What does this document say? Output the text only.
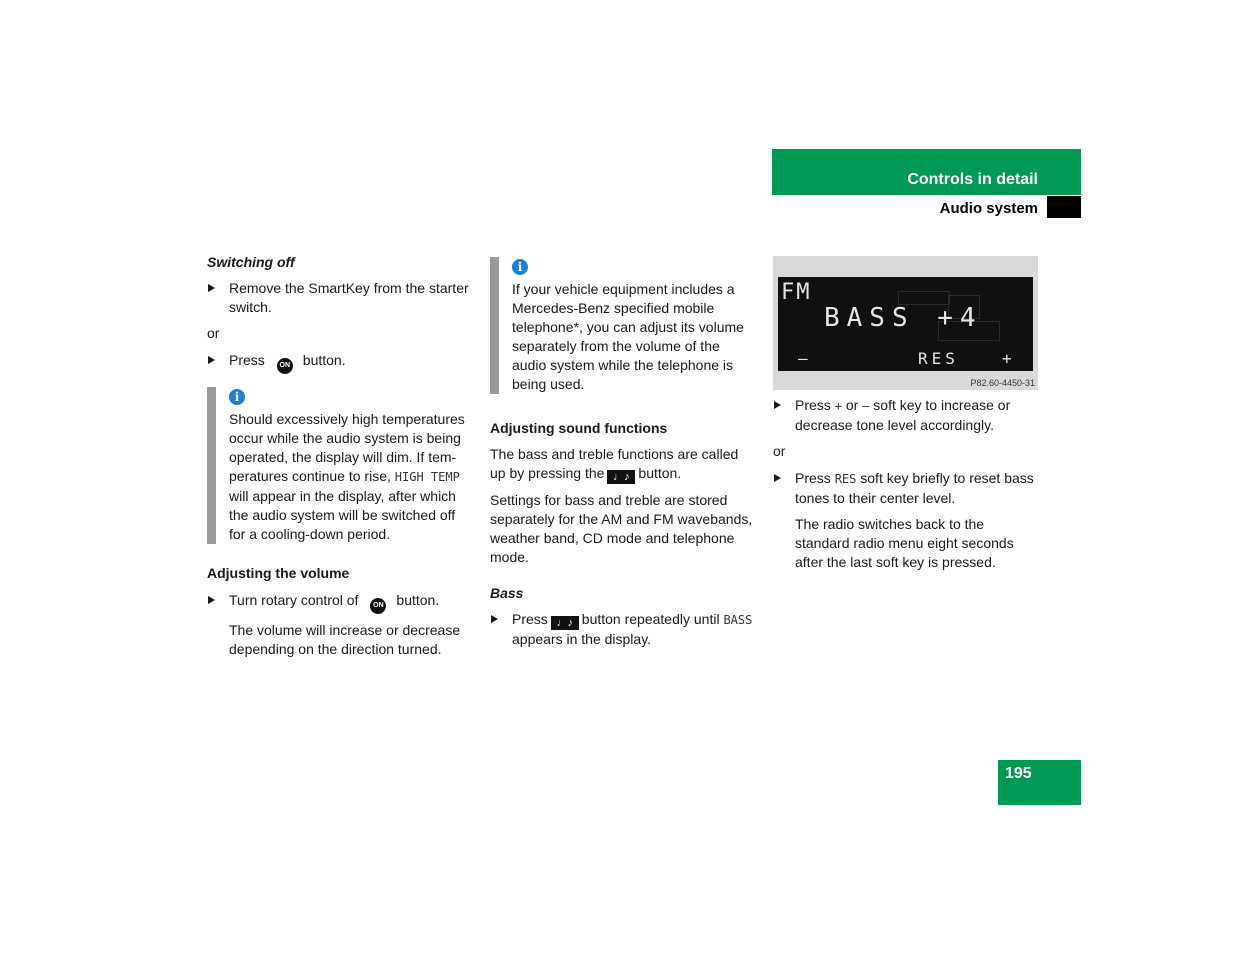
Controls in detail
Audio system

Switching off

Remove the SmartKey from the starter switch.

or

Press ON button.
i

Should excessively high temperatures occur while the audio system is being operated, the display will dim. If tem-peratures continue to rise, HIGH TEMP will appear in the display, after which the audio system will be switched off for a cooling-down period.

Adjusting the volume

Turn rotary control of ON button.

The volume will increase or decrease depending on the direction turned.

i

If your vehicle equipment includes a Mercedes-Benz specified mobile telephone*, you can adjust its volume separately from the volume of the audio system while the telephone is being used.

Adjusting sound functions

The bass and treble functions are called up by pressing the ♩♪ button.

Settings for bass and treble are stored separately for the AM and FM wavebands, weather band, CD mode and telephone mode.

Bass

Press ♩♪ button repeatedly until BASS appears in the display.
FM
BASS +4
–	RES	+
P82.60-4450-31
Press + or – soft key to increase or decrease tone level accordingly.

or

Press RES soft key briefly to reset bass tones to their center level.

The radio switches back to the standard radio menu eight seconds after the last soft key is pressed.

195
